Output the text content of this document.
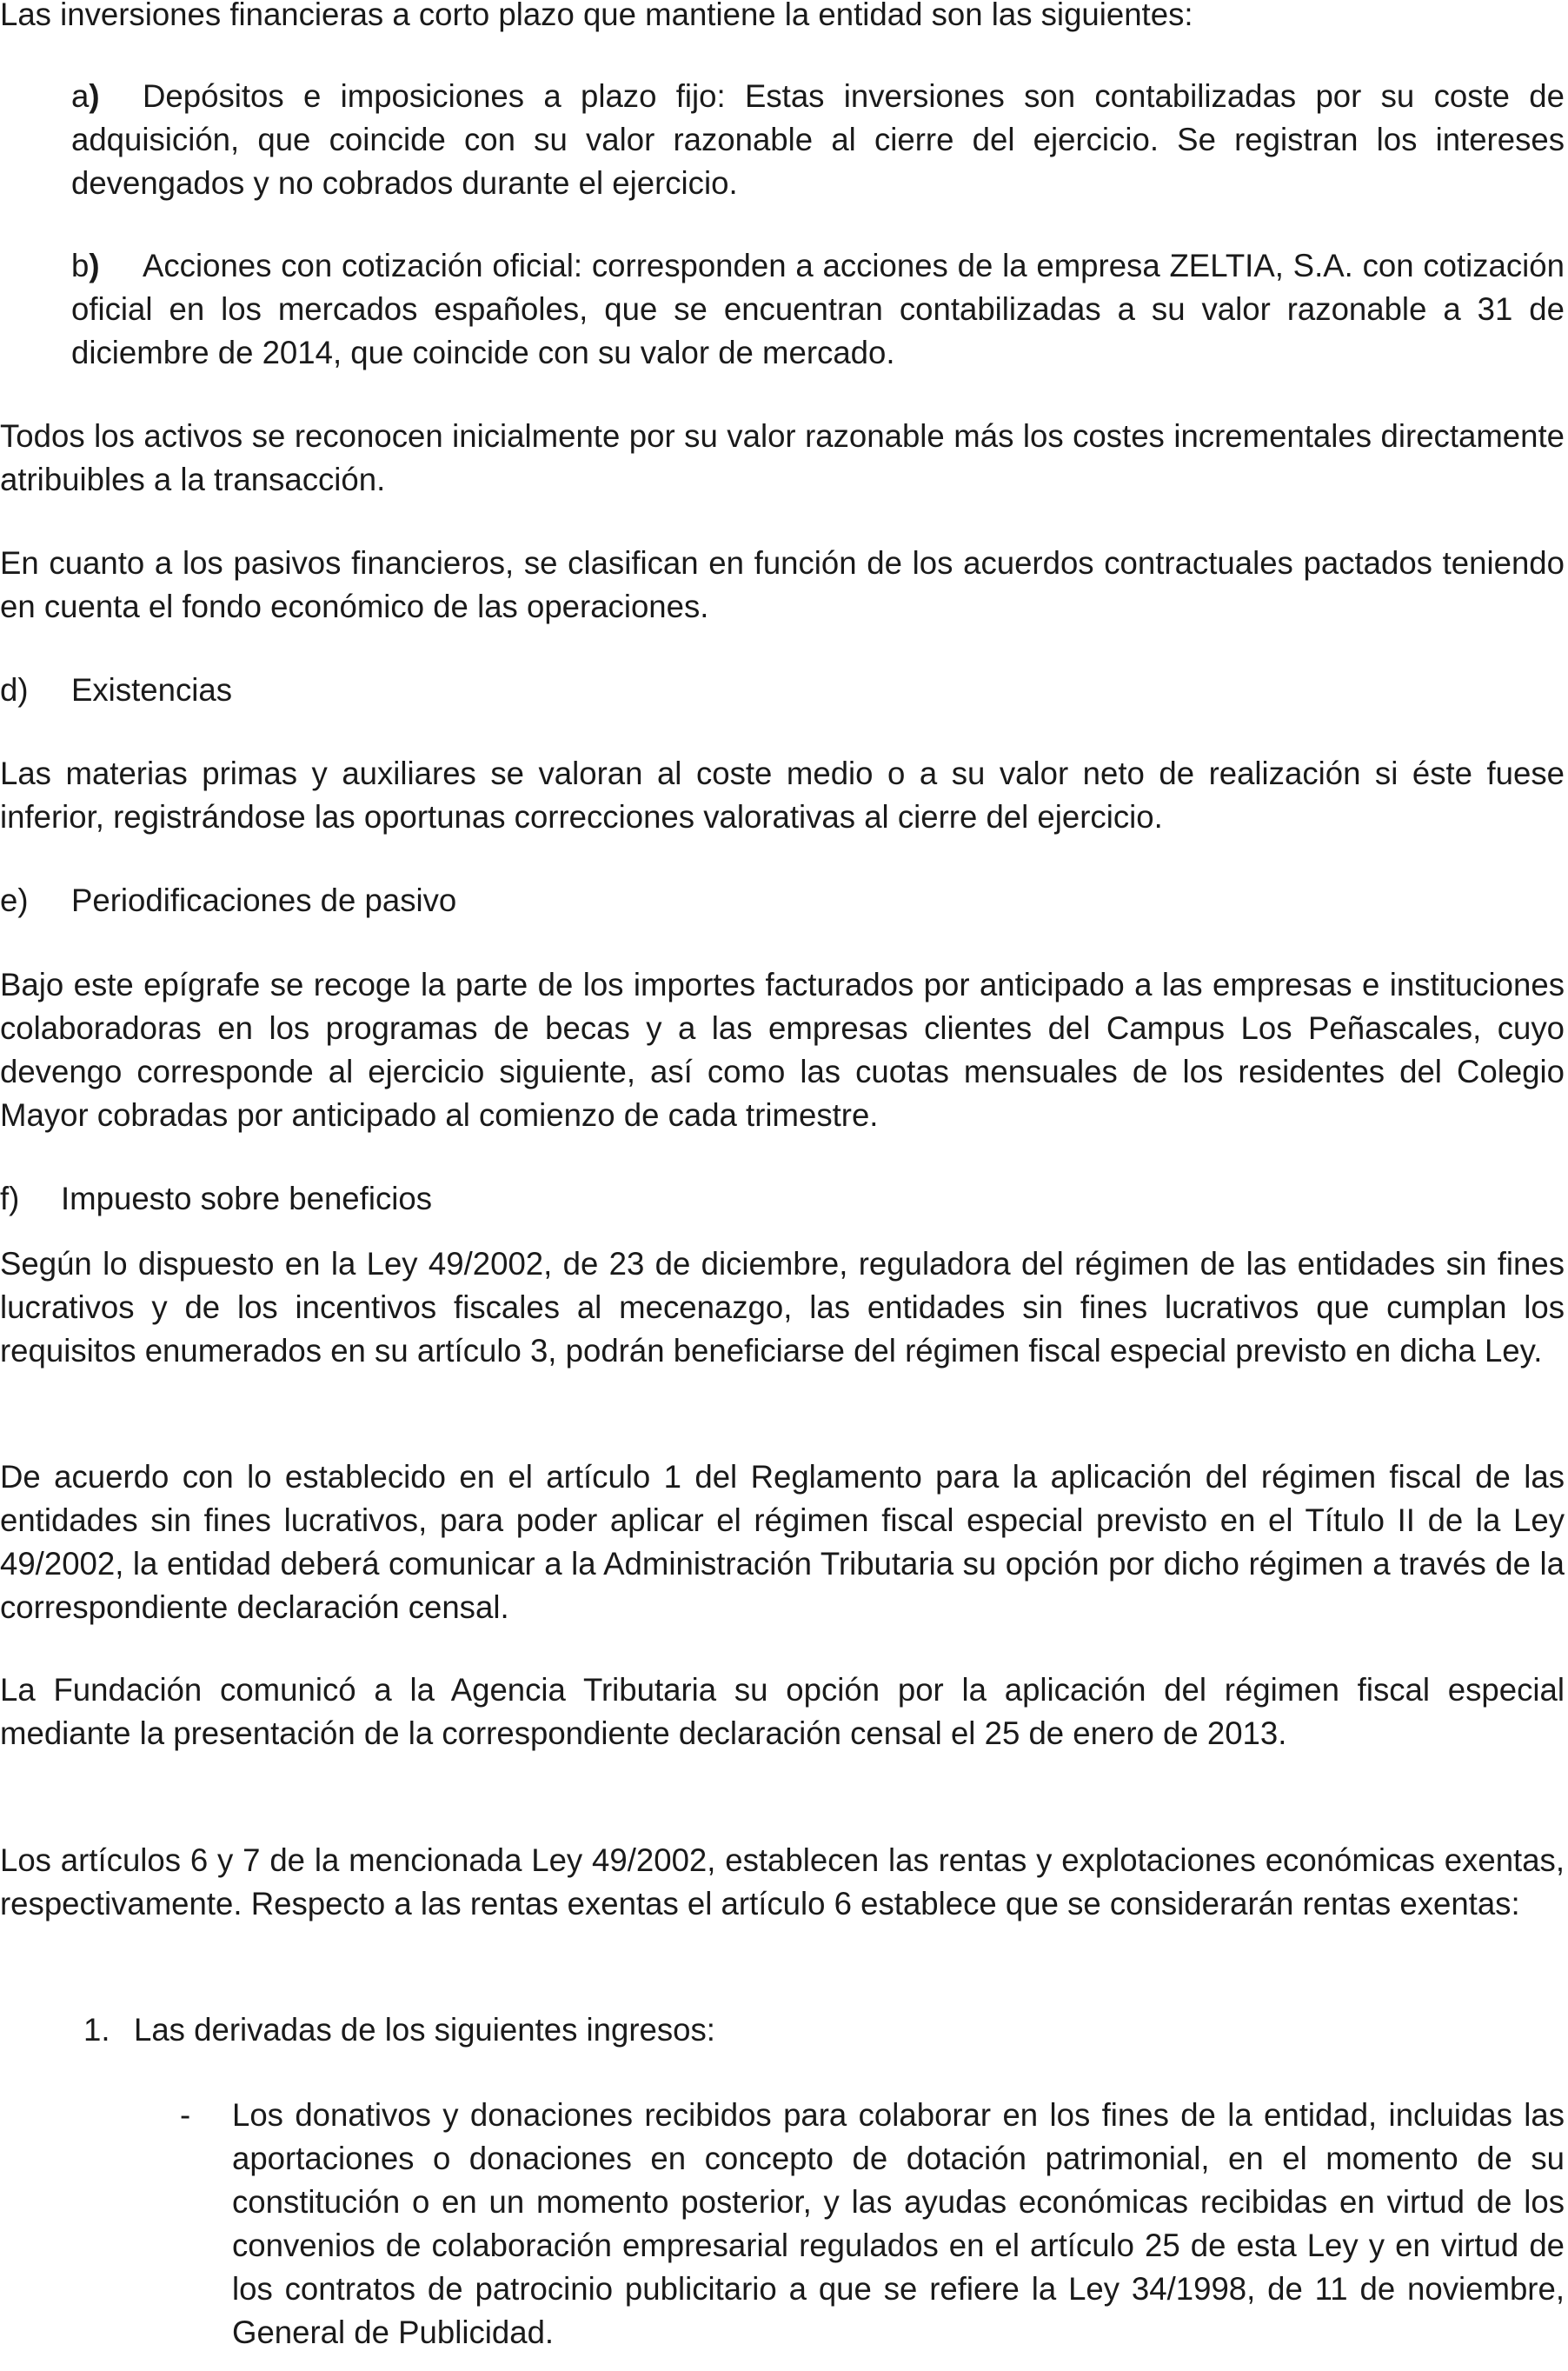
Las inversiones financieras a corto plazo que mantiene la entidad son las siguientes:

a) Depósitos e imposiciones a plazo fijo: Estas inversiones son contabilizadas por su coste de adquisición, que coincide con su valor razonable al cierre del ejercicio. Se registran los intereses devengados y no cobrados durante el ejercicio.
b) Acciones con cotización oficial: corresponden a acciones de la empresa ZELTIA, S.A. con cotización oficial en los mercados españoles, que se encuentran contabilizadas a su valor razonable a 31 de diciembre de 2014, que coincide con su valor de mercado.

Todos los activos se reconocen inicialmente por su valor razonable más los costes incrementales directamente atribuibles a la transacción.

En cuanto a los pasivos financieros, se clasifican en función de los acuerdos contractuales pactados teniendo en cuenta el fondo económico de las operaciones.

d)	Existencias

Las materias primas y auxiliares se valoran al coste medio o a su valor neto de realización si éste fuese inferior, registrándose las oportunas correcciones valorativas al cierre del ejercicio.

e)	Periodificaciones de pasivo

Bajo este epígrafe se recoge la parte de los importes facturados por anticipado a las empresas e instituciones colaboradoras en los programas de becas y a las empresas clientes del Campus Los Peñascales, cuyo devengo corresponde al ejercicio siguiente, así como las cuotas mensuales de los residentes del Colegio Mayor cobradas por anticipado al comienzo de cada trimestre.

f)	Impuesto sobre beneficios

Según lo dispuesto en la Ley 49/2002, de 23 de diciembre, reguladora del régimen de las entidades sin fines lucrativos y de los incentivos fiscales al mecenazgo, las entidades sin fines lucrativos que cumplan los requisitos enumerados en su artículo 3, podrán beneficiarse del régimen fiscal especial previsto en dicha Ley.

De acuerdo con lo establecido en el artículo 1 del Reglamento para la aplicación del régimen fiscal de las entidades sin fines lucrativos, para poder aplicar el régimen fiscal especial previsto en el Título II de la Ley 49/2002, la entidad deberá comunicar a la Administración Tributaria su opción por dicho régimen a través de la correspondiente declaración censal.

La Fundación comunicó a la Agencia Tributaria su opción por la aplicación del régimen fiscal especial mediante la presentación de la correspondiente declaración censal el 25 de enero de 2013.

Los artículos 6 y 7 de la mencionada Ley 49/2002, establecen las rentas y explotaciones económicas exentas, respectivamente. Respecto a las rentas exentas el artículo 6 establece que se considerarán rentas exentas:

1. Las derivadas de los siguientes ingresos:
- Los donativos y donaciones recibidos para colaborar en los fines de la entidad, incluidas las aportaciones o donaciones en concepto de dotación patrimonial, en el momento de su constitución o en un momento posterior, y las ayudas económicas recibidas en virtud de los convenios de colaboración empresarial regulados en el artículo 25 de esta Ley y en virtud de los contratos de patrocinio publicitario a que se refiere la Ley 34/1998, de 11 de noviembre, General de Publicidad.
